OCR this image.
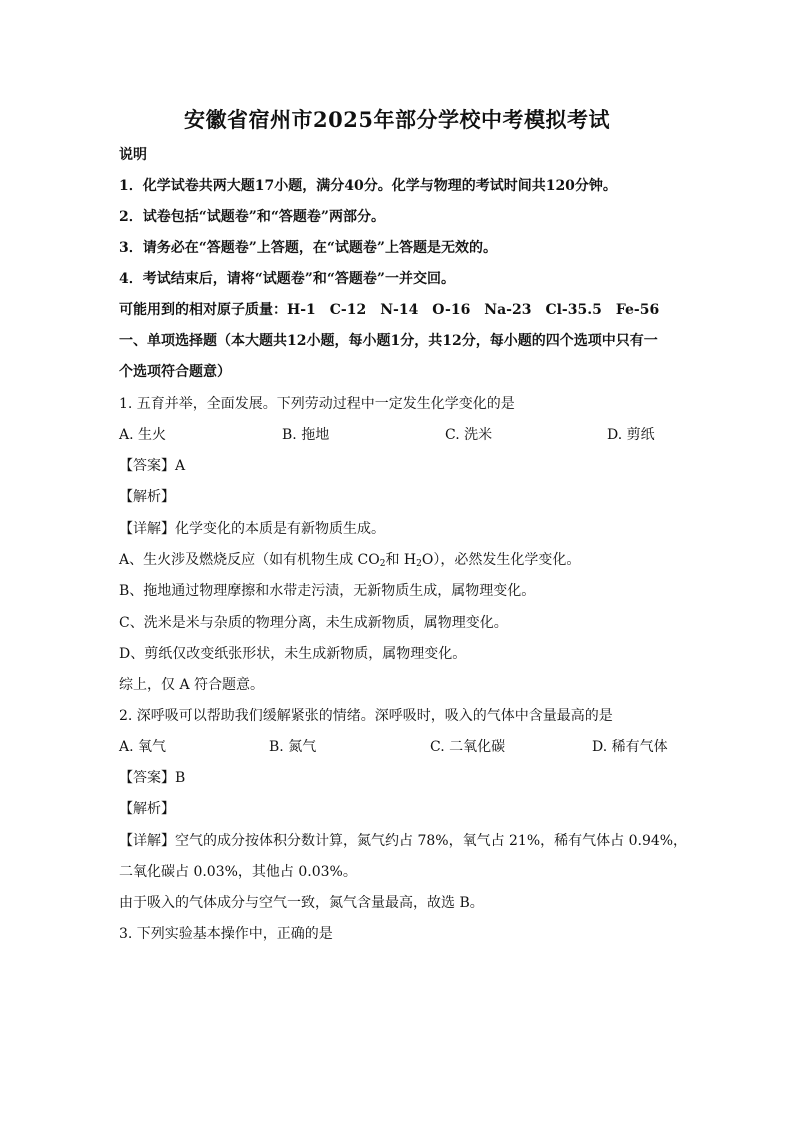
安徽省宿州市2025年部分学校中考模拟考试
说明
1．化学试卷共两大题17小题，满分40分。化学与物理的考试时间共120分钟。
2．试卷包括“试题卷”和“答题卷”两部分。
3．请务必在“答题卷”上答题，在“试题卷”上答题是无效的。
4．考试结束后，请将“试题卷”和“答题卷”一并交回。
可能用到的相对原子质量：H-1　C-12　N-14　O-16　Na-23　Cl-35.5　Fe-56
一、单项选择题（本大题共12小题，每小题1分，共12分，每小题的四个选项中只有一
个选项符合题意）
1. 五育并举，全面发展。下列劳动过程中一定发生化学变化的是
A. 生火	B. 拖地	C. 洗米	D. 剪纸
【答案】A
【解析】
【详解】化学变化的本质是有新物质生成。
A、生火涉及燃烧反应（如有机物生成 $CO_2$和 $H_2O$），必然发生化学变化。
B、拖地通过物理摩擦和水带走污渍，无新物质生成，属物理变化。
C、洗米是米与杂质的物理分离，未生成新物质，属物理变化。
D、剪纸仅改变纸张形状，未生成新物质，属物理变化。
综上，仅 A 符合题意。
2. 深呼吸可以帮助我们缓解紧张的情绪。深呼吸时，吸入的气体中含量最高的是
A. 氧气	B. 氮气	C. 二氧化碳	D. 稀有气体
【答案】B
【解析】
【详解】空气的成分按体积分数计算，氮气约占 78%，氧气占 21%，稀有气体占 0.94%，
二氧化碳占 0.03%，其他占 0.03%。
由于吸入的气体成分与空气一致，氮气含量最高，故选 B。
3. 下列实验基本操作中，正确的是
